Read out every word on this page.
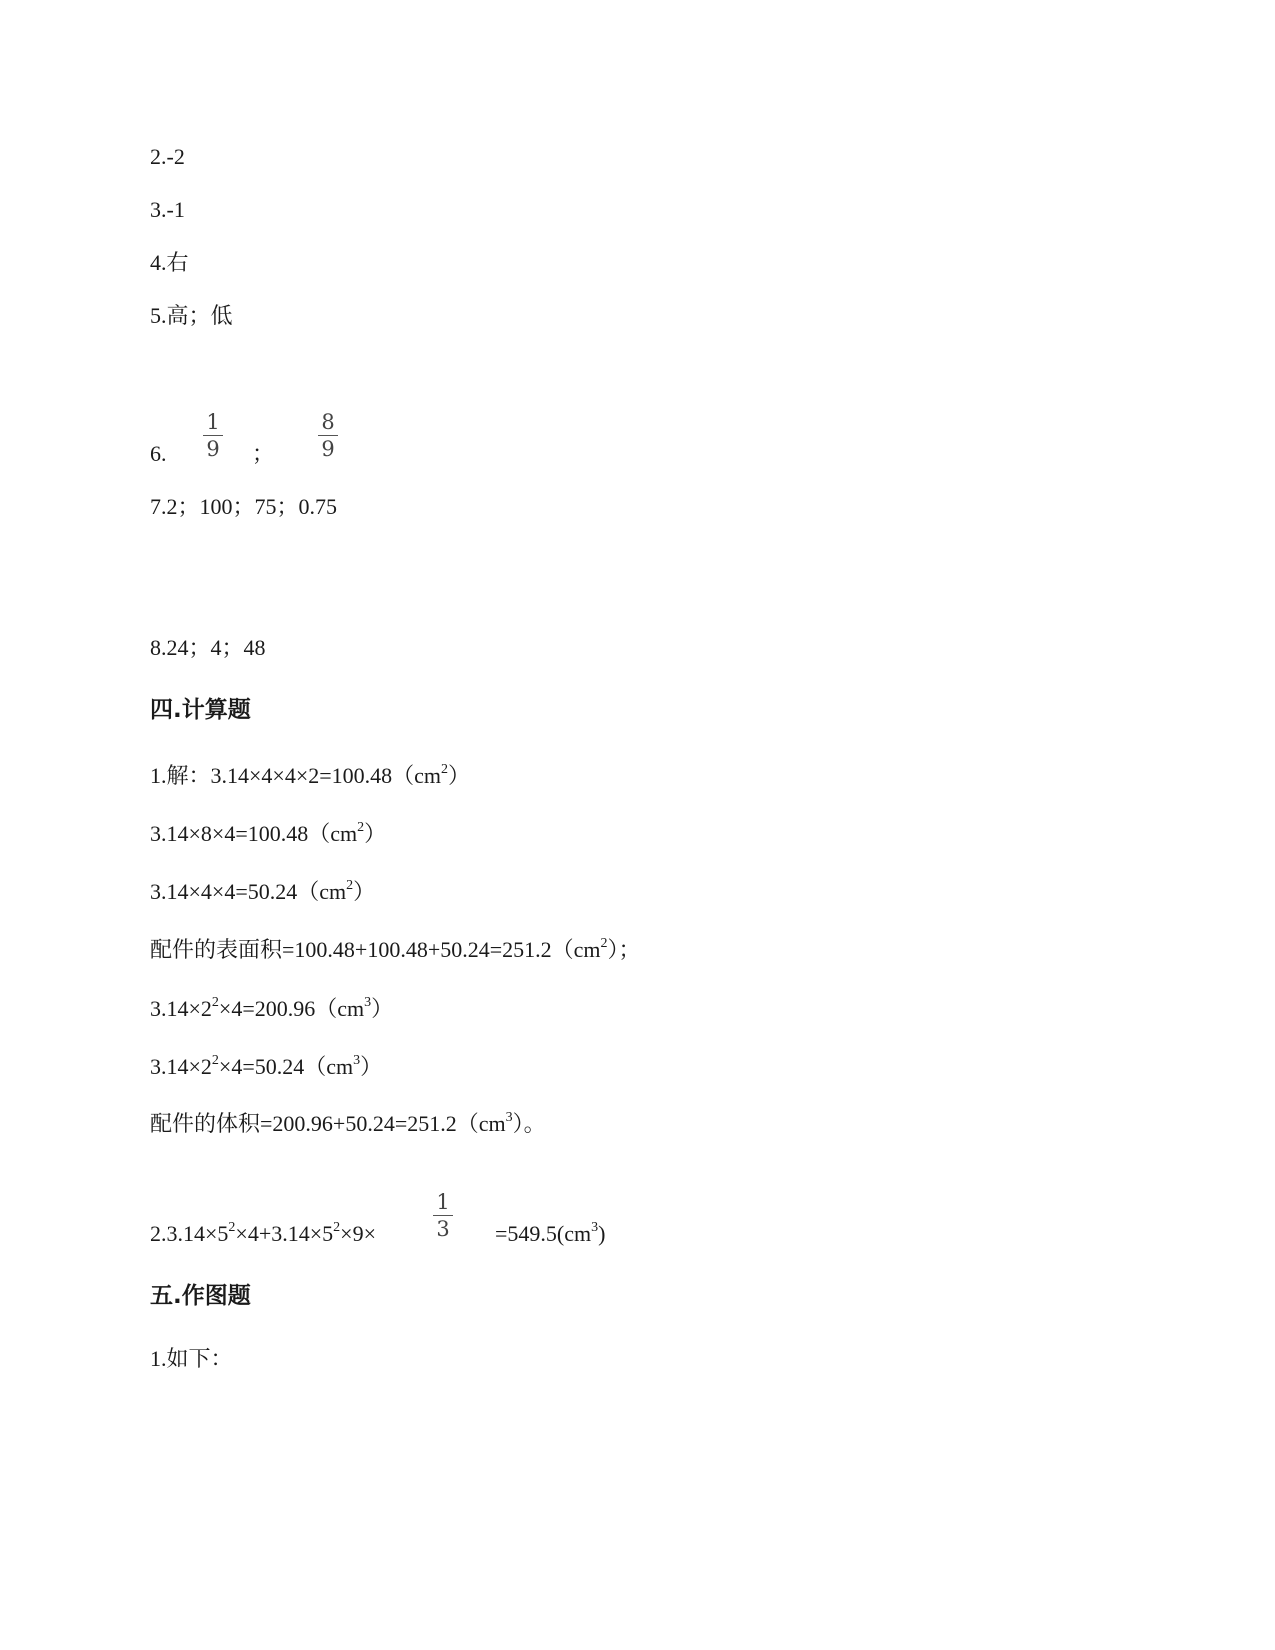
2.-2
3.-1
4.右
5.高；低
6.
1
9 ；
8
9
7.2；100；75；0.75
8.24；4；48
四.计算题
1.解：$3.14\times 4\times 4\times 2=100.48(cm^2)$
$3.14\times 8\times 4=100.48(cm^2)$
$3.14\times 4\times 4=50.24(cm^2)$
配件的表面积$=100.48+100.48+50.24=251.2(cm^2)$；
$3.14\times 2^2\times 4=200.96(cm^3)$
$3.14\times 2^2\times 4=50.24(cm^3)$
配件的体积$=200.96+50.24=251.2(cm^3)$。
$2.3.14\times 5^2\times 4+3.14\times 5^2\times 9\times$
1
$3 =549.5(cm^3)$
五.作图题
1.如下：
